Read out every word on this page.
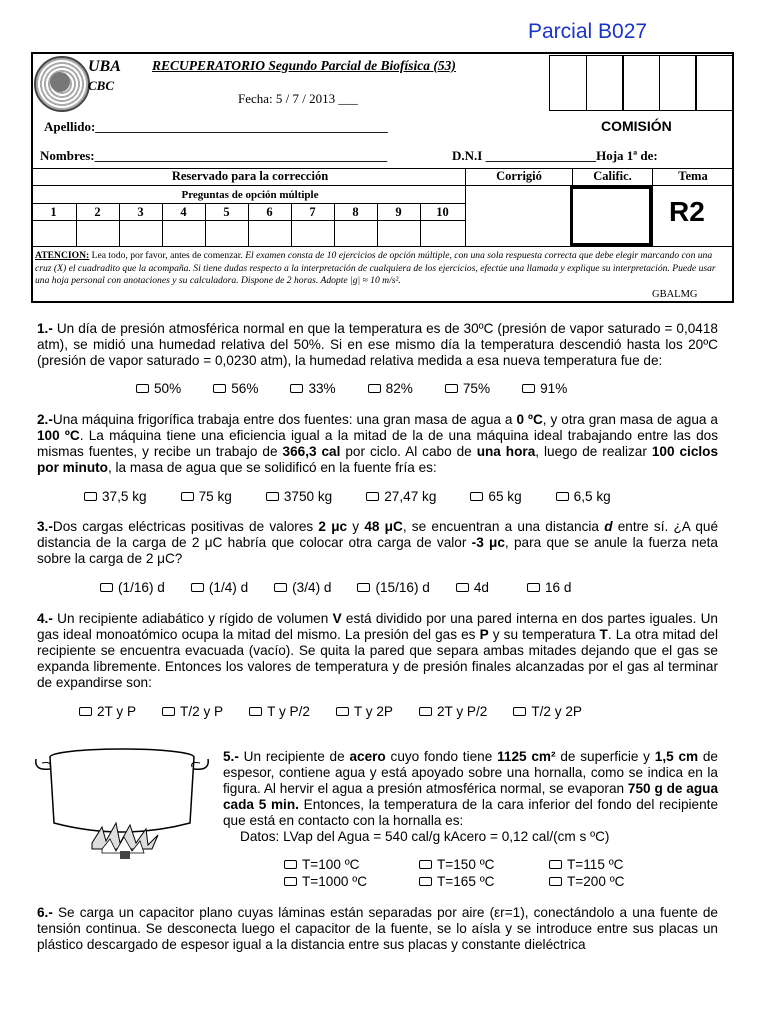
Parcial B027
UBA
CBC
RECUPERATORIO Segundo Parcial de Biofísica (53)
Fecha: 5 / 7 / 2013 ___
Apellido:_____________________________________________	COMISIÓN
Nombres:_____________________________________________	D.N.I _________________Hoja 1ª de:
Reservado para la corrección	Corrigió	Calific.	Tema
Preguntas de opción múltiple
1	2	3	4	5	6	7	8	9	10	R2
ATENCION: Lea todo, por favor, antes de comenzar. El examen consta de 10 ejercicios de opción múltiple, con una sola respuesta correcta que debe elegir marcando con una cruz (X) el cuadradito que la acompaña. Si tiene dudas respecto a la interpretación de cualquiera de los ejercicios, efectúe una llamada y explique su interpretación. Puede usar una hoja personal con anotaciones y su calculadora. Dispone de 2 horas. Adopte |g| ≈ 10 m/s².
GBALMG
1.- Un día de presión atmosférica normal en que la temperatura es de 30ºC (presión de vapor saturado = 0,0418 atm), se midió una humedad relativa del 50%. Si en ese mismo día la temperatura descendió hasta los 20ºC (presión de vapor saturado = 0,0230 atm), la humedad relativa medida a esa nueva temperatura fue de:
50%	56%	33%	82%	75%	91%
2.-Una máquina frigorífica trabaja entre dos fuentes: una gran masa de agua a 0 ºC, y otra gran masa de agua a 100 ºC. La máquina tiene una eficiencia igual a la mitad de la de una máquina ideal trabajando entre las dos mismas fuentes, y recibe un trabajo de 366,3 cal por ciclo. Al cabo de una hora, luego de realizar 100 ciclos por minuto, la masa de agua que se solidificó en la fuente fría es:
37,5 kg	75 kg	3750 kg	27,47 kg	65 kg	6,5 kg
3.-Dos cargas eléctricas positivas de valores 2 μc y 48 μC, se encuentran a una distancia d entre sí. ¿A qué distancia de la carga de 2 μC habría que colocar otra carga de valor -3 μc, para que se anule la fuerza neta sobre la carga de 2 μC?
(1/16) d	(1/4) d	(3/4) d	(15/16) d	4d	16 d
4.- Un recipiente adiabático y rígido de volumen V está dividido por una pared interna en dos partes iguales. Un gas ideal monoatómico ocupa la mitad del mismo. La presión del gas es P y su temperatura T. La otra mitad del recipiente se encuentra evacuada (vacío). Se quita la pared que separa ambas mitades dejando que el gas se expanda libremente. Entonces los valores de temperatura y de presión finales alcanzadas por el gas al terminar de expandirse son:
2T y P	T/2 y P	T y P/2	T y 2P	2T y P/2	T/2 y 2P
5.- Un recipiente de acero cuyo fondo tiene 1125 cm² de superficie y 1,5 cm de espesor, contiene agua y está apoyado sobre una hornalla, como se indica en la figura. Al hervir el agua a presión atmosférica normal, se evaporan 750 g de agua cada 5 min. Entonces, la temperatura de la cara inferior del fondo del recipiente que está en contacto con la hornalla es:
Datos: LVap del Agua = 540 cal/g kAcero = 0,12 cal/(cm s ºC)
T=100 ºC	T=150 ºC	T=115 ºC
T=1000 ºC	T=165 ºC	T=200 ºC
6.- Se carga un capacitor plano cuyas láminas están separadas por aire (εr=1), conectándolo a una fuente de tensión continua. Se desconecta luego el capacitor de la fuente, se lo aísla y se introduce entre sus placas un plástico descargado de espesor igual a la distancia entre sus placas y constante dieléctrica
